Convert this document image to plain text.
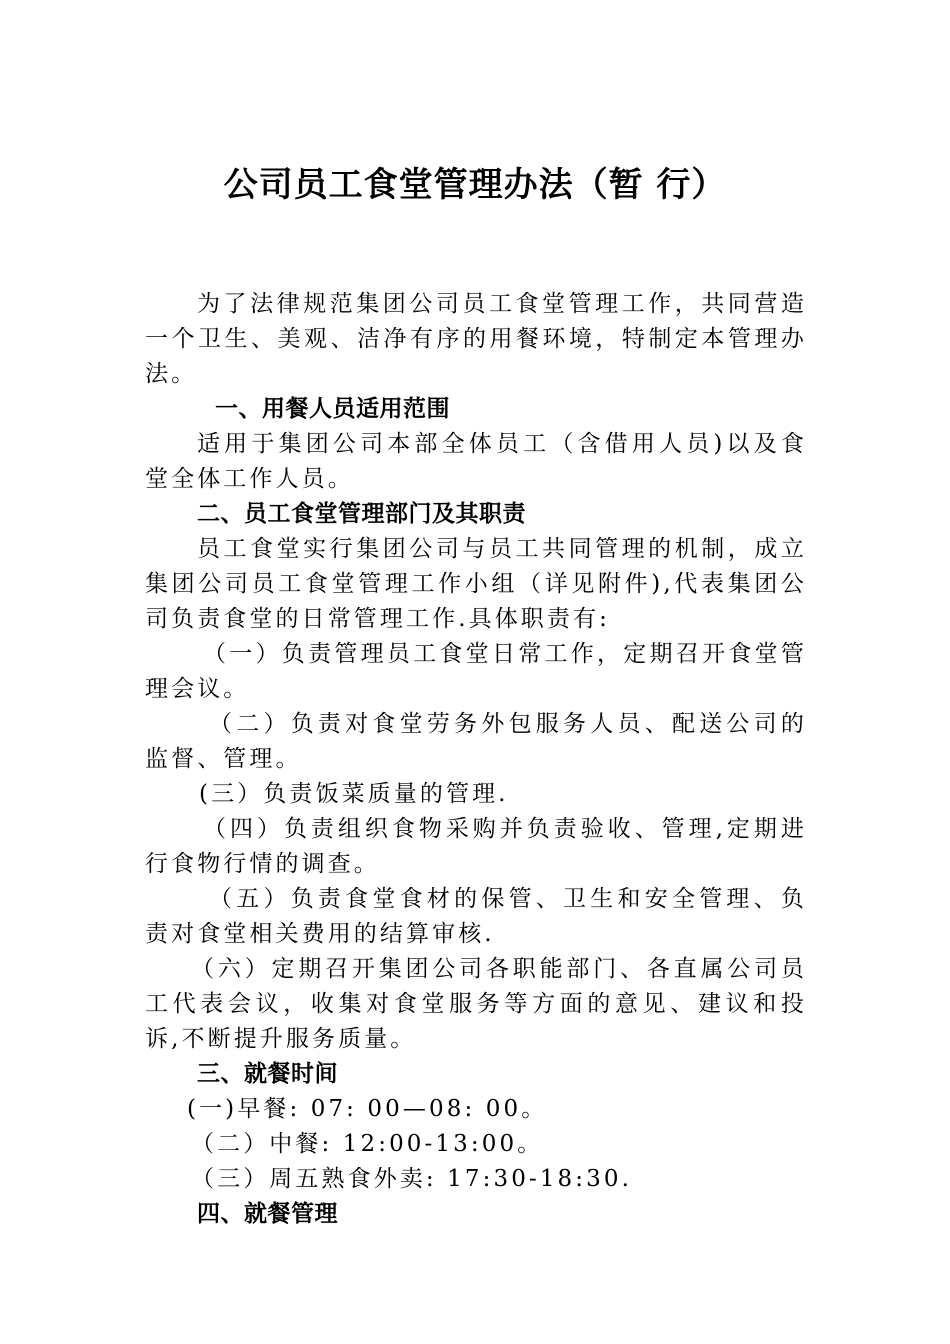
公司员工食堂管理办法（暂 行）

为了法律规范集团公司员工食堂管理工作，共同营造一个卫生、美观、洁净有序的用餐环境，特制定本管理办法。

一、用餐人员适用范围

适用于集团公司本部全体员工（含借用人员)以及食堂全体工作人员。

二、员工食堂管理部门及其职责

员工食堂实行集团公司与员工共同管理的机制，成立集团公司员工食堂管理工作小组（详见附件),代表集团公司负责食堂的日常管理工作.具体职责有:

（一）负责管理员工食堂日常工作，定期召开食堂管理会议。

（二）负责对食堂劳务外包服务人员、配送公司的监督、管理。

(三）负责饭菜质量的管理.

（四）负责组织食物采购并负责验收、管理,定期进行食物行情的调查。

（五）负责食堂食材的保管、卫生和安全管理、负责对食堂相关费用的结算审核.

（六）定期召开集团公司各职能部门、各直属公司员工代表会议，收集对食堂服务等方面的意见、建议和投诉,不断提升服务质量。

三、就餐时间

(一)早餐: 07: 00—08: 00。

（二）中餐: 12:00-13:00。

（三）周五熟食外卖: 17:30-18:30.

四、就餐管理
